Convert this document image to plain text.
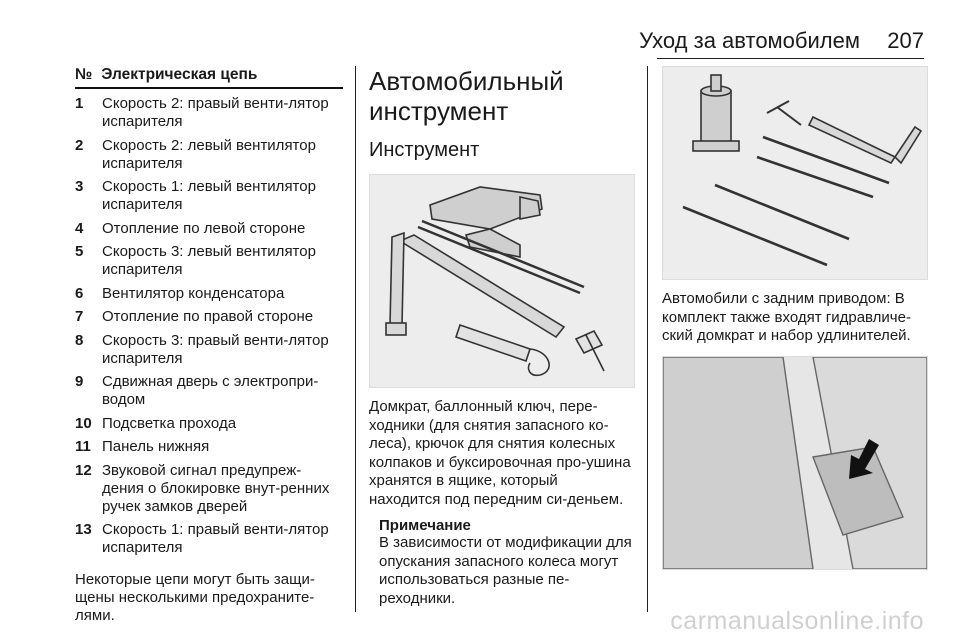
Уход за автомобилем 207
№ Электрическая цепь
1	Скорость 2: правый венти-лятор испарителя
2	Скорость 2: левый вентилятор испарителя
3	Скорость 1: левый вентилятор испарителя
4	Отопление по левой стороне
5	Скорость 3: левый вентилятор испарителя
6	Вентилятор конденсатора
7	Отопление по правой стороне
8	Скорость 3: правый венти-лятор испарителя
9	Сдвижная дверь с электропри-водом
10 Подсветка прохода
11 Панель нижняя
12 Звуковой сигнал предупреж-дения о блокировке внут-ренних ручек замков дверей
13 Скорость 1: правый венти-лятор испарителя
Некоторые цепи могут быть защи-щены несколькими предохраните-лями.
Автомобильный инструмент
Инструмент
Домкрат, баллонный ключ, пере-ходники (для снятия запасного ко-леса), крючок для снятия колесных колпаков и буксировочная про-ушина хранятся в ящике, который находится под передним си-деньем.
Примечание
В зависимости от модификации для опускания запасного колеса могут использоваться разные пе-реходники.
Автомобили с задним приводом: В комплект также входят гидравличе-ский домкрат и набор удлинителей.
carmanualsonline.info
